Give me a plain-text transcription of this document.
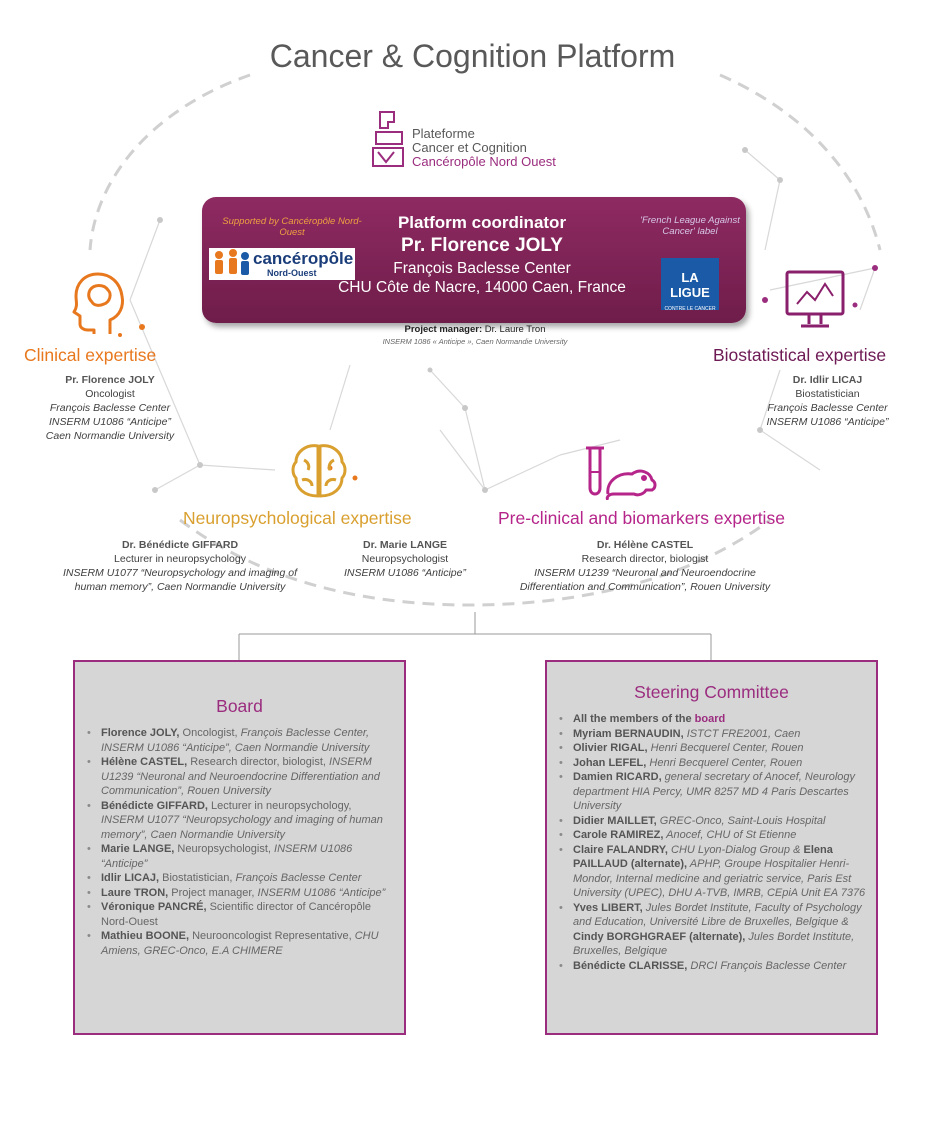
Cancer & Cognition Platform
Plateforme
Cancer et Cognition
Cancéropôle Nord Ouest
Supported by Cancéropôle Nord-Ouest
cancéropôle
Nord-Ouest
Platform coordinator
Pr. Florence JOLY
François Baclesse Center
CHU Côte de Nacre, 14000 Caen, France
'French League Against Cancer' label
LA LIGUE
CONTRE LE CANCER
Project manager: Dr. Laure Tron
INSERM 1086 « Anticipe », Caen Normandie University
Clinical expertise
Pr. Florence JOLY
Oncologist
François Baclesse Center
INSERM U1086 “Anticipe”
Caen Normandie University
Biostatistical expertise
Dr. Idlir LICAJ
Biostatistician
François Baclesse Center
INSERM U1086 “Anticipe”
Neuropsychological expertise
Dr. Bénédicte GIFFARD
Lecturer in neuropsychology
INSERM U1077 “Neuropsychology and imaging of
human memory”, Caen Normandie University
Dr. Marie LANGE
Neuropsychologist
INSERM U1086 “Anticipe”
Pre-clinical and biomarkers expertise
Dr. Hélène CASTEL
Research director, biologist
INSERM U1239 “Neuronal and Neuroendocrine
Differentiation and Communication”, Rouen University
Board
• Florence JOLY, Oncologist, François Baclesse Center, INSERM U1086 “Anticipe”, Caen Normandie University
• Hélène CASTEL, Research director, biologist, INSERM U1239 “Neuronal and Neuroendocrine Differentiation and Communication”, Rouen University
• Bénédicte GIFFARD, Lecturer in neuropsychology, INSERM U1077 “Neuropsychology and imaging of human memory”, Caen Normandie University
• Marie LANGE, Neuropsychologist, INSERM U1086 “Anticipe”
• Idlir LICAJ, Biostatistician, François Baclesse Center
• Laure TRON, Project manager, INSERM U1086 “Anticipe”
• Véronique PANCRÉ, Scientific director of Cancéropôle Nord-Ouest
• Mathieu BOONE, Neurooncologist Representative, CHU Amiens, GREC-Onco, E.A CHIMERE
Steering Committee
• All the members of the board
• Myriam BERNAUDIN, ISTCT FRE2001, Caen
• Olivier RIGAL, Henri Becquerel Center, Rouen
• Johan LEFEL, Henri Becquerel Center, Rouen
• Damien RICARD, general secretary of Anocef, Neurology department HIA Percy, UMR 8257 MD 4 Paris Descartes University
• Didier MAILLET, GREC-Onco, Saint-Louis Hospital
• Carole RAMIREZ, Anocef, CHU of St Etienne
• Claire FALANDRY, CHU Lyon-Dialog Group & Elena PAILLAUD (alternate), APHP, Groupe Hospitalier Henri-Mondor, Internal medicine and geriatric service, Paris Est University (UPEC), DHU A-TVB, IMRB, CEpiA Unit EA 7376
• Yves LIBERT, Jules Bordet Institute, Faculty of Psychology and Education, Université Libre de Bruxelles, Belgique & Cindy BORGHGRAEF (alternate), Jules Bordet Institute, Bruxelles, Belgique
• Bénédicte CLARISSE, DRCI François Baclesse Center
